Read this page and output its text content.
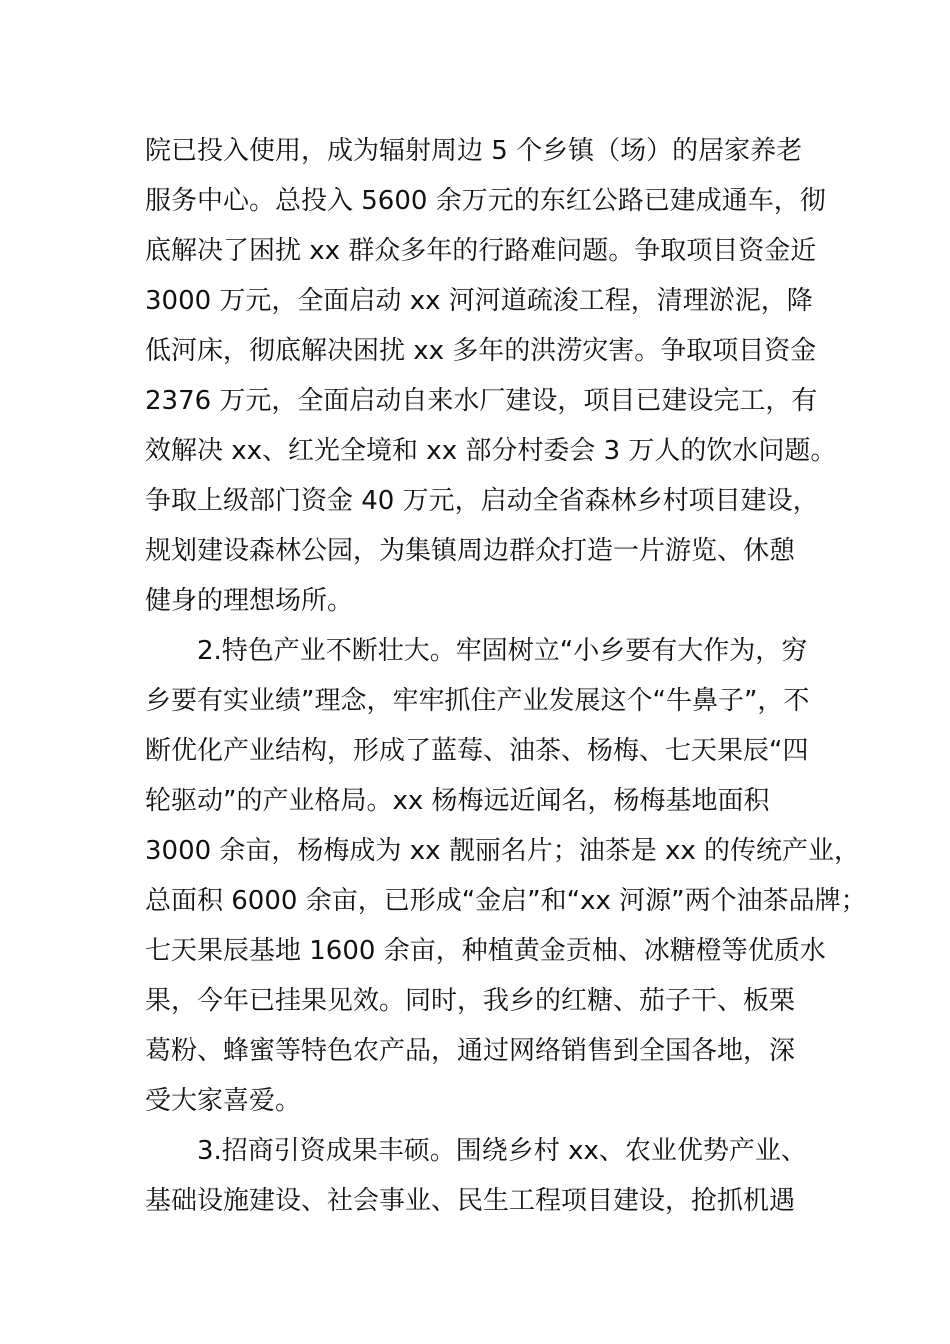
院已投入使用，成为辐射周边 5 个乡镇（场）的居家养老
服务中心。总投入 5600 余万元的东红公路已建成通车，彻
底解决了困扰 xx 群众多年的行路难问题。争取项目资金近
3000 万元，全面启动 xx 河河道疏浚工程，清理淤泥，降
低河床，彻底解决困扰 xx 多年的洪涝灾害。争取项目资金
2376 万元，全面启动自来水厂建设，项目已建设完工，有
效解决 xx、红光全境和 xx 部分村委会 3 万人的饮水问题。
争取上级部门资金 40 万元，启动全省森林乡村项目建设，
规划建设森林公园，为集镇周边群众打造一片游览、休憩
健身的理想场所。
2.特色产业不断壮大。牢固树立“小乡要有大作为，穷
乡要有实业绩”理念，牢牢抓住产业发展这个“牛鼻子”，不
断优化产业结构，形成了蓝莓、油茶、杨梅、七天果辰“四
轮驱动”的产业格局。xx 杨梅远近闻名，杨梅基地面积
3000 余亩，杨梅成为 xx 靓丽名片；油茶是 xx 的传统产业，
总面积 6000 余亩，已形成“金启”和“xx 河源”两个油茶品牌；
七天果辰基地 1600 余亩，种植黄金贡柚、冰糖橙等优质水
果，今年已挂果见效。同时，我乡的红糖、茄子干、板栗
葛粉、蜂蜜等特色农产品，通过网络销售到全国各地，深
受大家喜爱。
3.招商引资成果丰硕。围绕乡村 xx、农业优势产业、
基础设施建设、社会事业、民生工程项目建设，抢抓机遇
